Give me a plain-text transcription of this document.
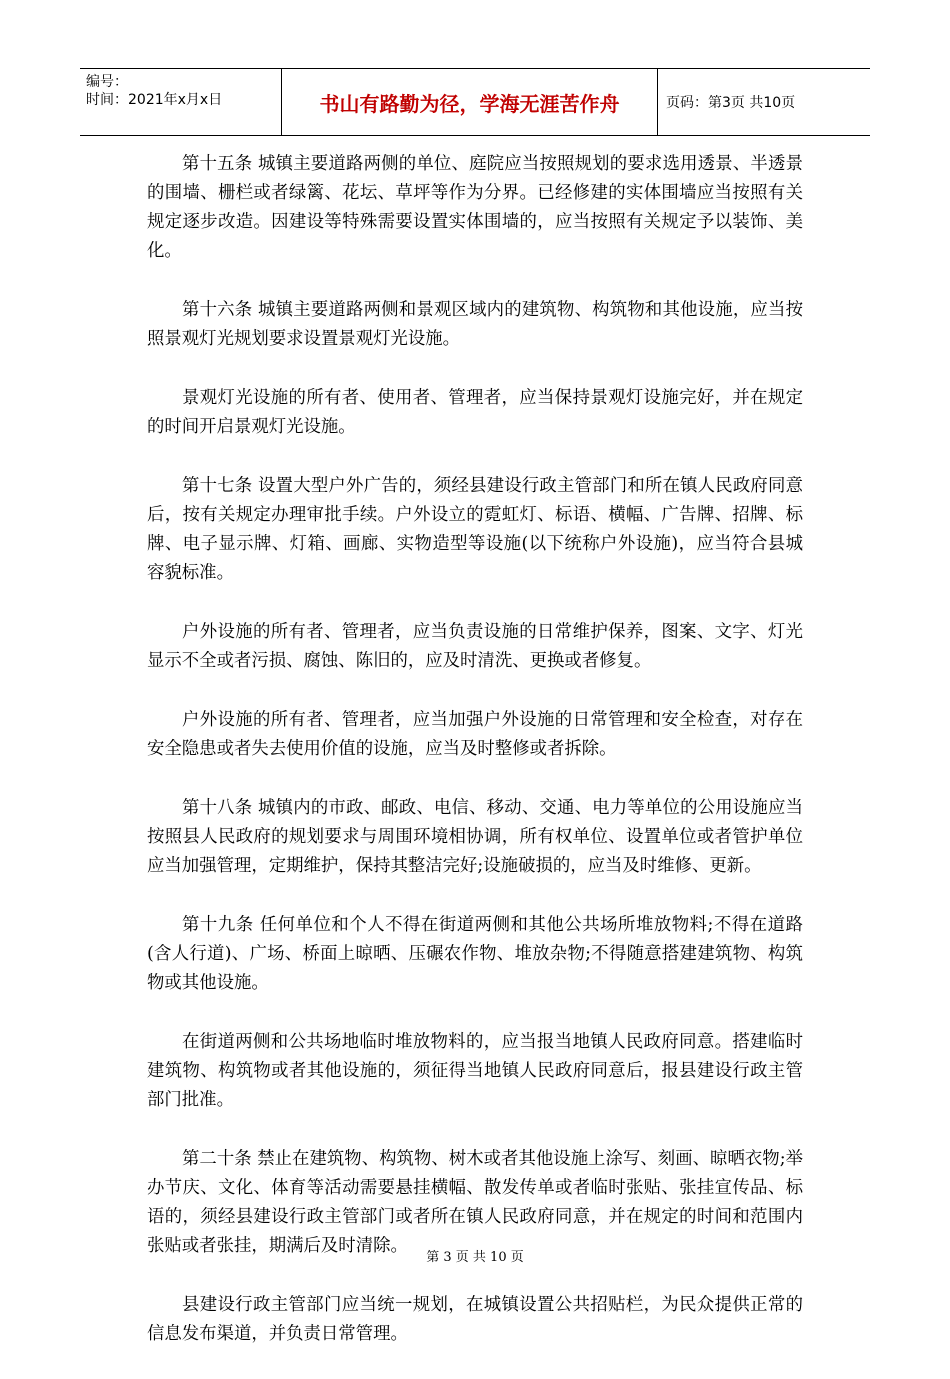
编号：
时间：2021年x月x日	书山有路勤为径，学海无涯苦作舟	页码：第3页 共10页

第十五条 城镇主要道路两侧的单位、庭院应当按照规划的要求选用透景、半透景的围墙、栅栏或者绿篱、花坛、草坪等作为分界。已经修建的实体围墙应当按照有关规定逐步改造。因建设等特殊需要设置实体围墙的，应当按照有关规定予以装饰、美化。

第十六条 城镇主要道路两侧和景观区域内的建筑物、构筑物和其他设施，应当按照景观灯光规划要求设置景观灯光设施。

景观灯光设施的所有者、使用者、管理者，应当保持景观灯设施完好，并在规定的时间开启景观灯光设施。

第十七条 设置大型户外广告的，须经县建设行政主管部门和所在镇人民政府同意后，按有关规定办理审批手续。户外设立的霓虹灯、标语、横幅、广告牌、招牌、标牌、电子显示牌、灯箱、画廊、实物造型等设施(以下统称户外设施)，应当符合县城容貌标准。

户外设施的所有者、管理者，应当负责设施的日常维护保养，图案、文字、灯光显示不全或者污损、腐蚀、陈旧的，应及时清洗、更换或者修复。

户外设施的所有者、管理者，应当加强户外设施的日常管理和安全检查，对存在安全隐患或者失去使用价值的设施，应当及时整修或者拆除。

第十八条 城镇内的市政、邮政、电信、移动、交通、电力等单位的公用设施应当按照县人民政府的规划要求与周围环境相协调，所有权单位、设置单位或者管护单位应当加强管理，定期维护，保持其整洁完好;设施破损的，应当及时维修、更新。

第十九条 任何单位和个人不得在街道两侧和其他公共场所堆放物料;不得在道路(含人行道)、广场、桥面上晾晒、压碾农作物、堆放杂物;不得随意搭建建筑物、构筑物或其他设施。

在街道两侧和公共场地临时堆放物料的，应当报当地镇人民政府同意。搭建临时建筑物、构筑物或者其他设施的，须征得当地镇人民政府同意后，报县建设行政主管部门批准。

第二十条 禁止在建筑物、构筑物、树木或者其他设施上涂写、刻画、晾晒衣物;举办节庆、文化、体育等活动需要悬挂横幅、散发传单或者临时张贴、张挂宣传品、标语的，须经县建设行政主管部门或者所在镇人民政府同意，并在规定的时间和范围内张贴或者张挂，期满后及时清除。

县建设行政主管部门应当统一规划，在城镇设置公共招贴栏，为民众提供正常的信息发布渠道，并负责日常管理。

第 3 页 共 10 页
